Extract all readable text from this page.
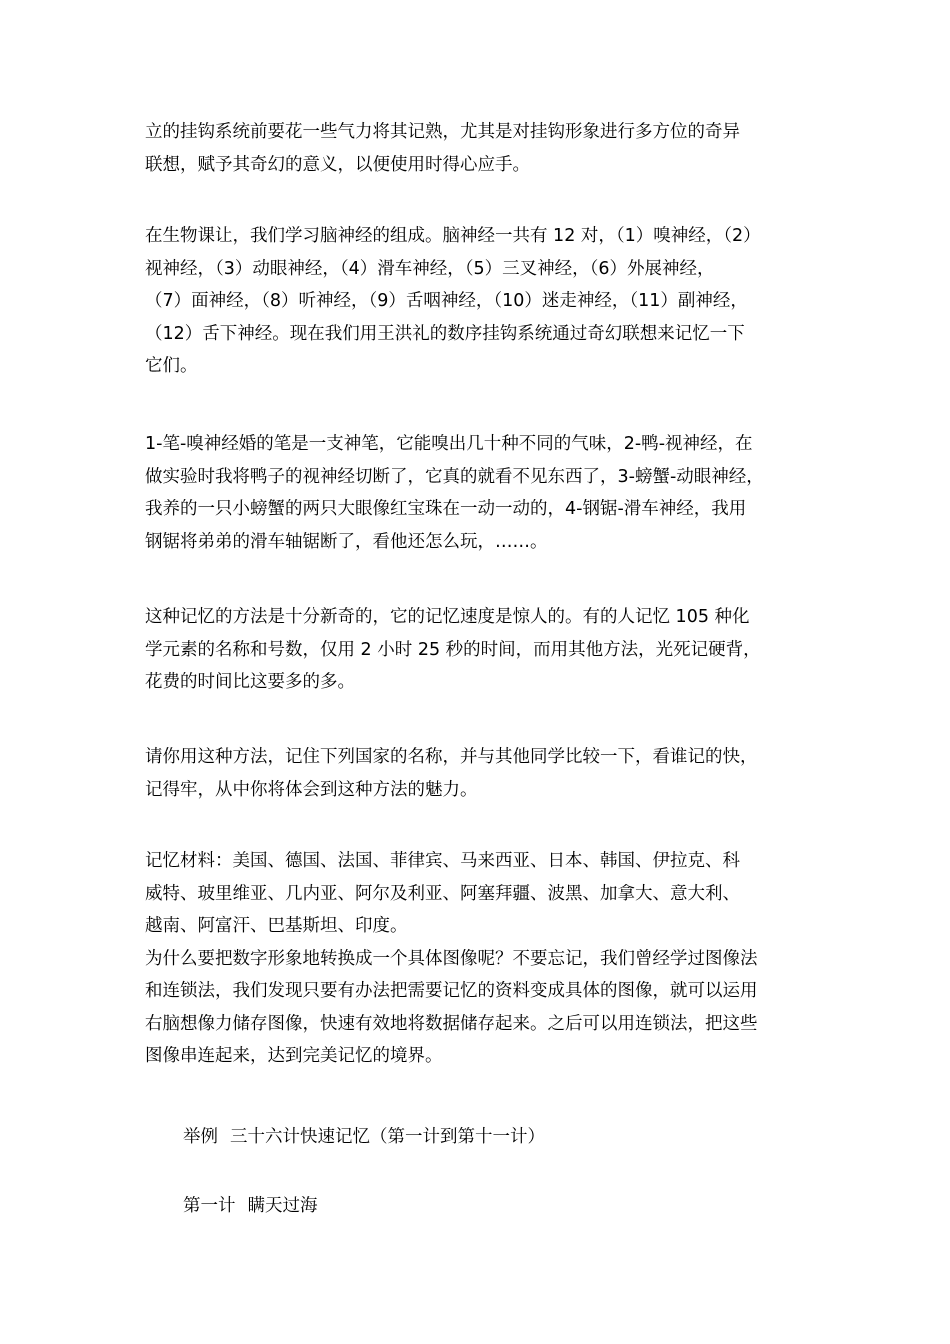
立的挂钩系统前要花一些气力将其记熟，尤其是对挂钩形象进行多方位的奇异
联想，赋予其奇幻的意义，以便使用时得心应手。

在生物课让，我们学习脑神经的组成。脑神经一共有 12 对，（1）嗅神经，（2）
视神经，（3）动眼神经，（4）滑车神经，（5）三叉神经，（6）外展神经，
（7）面神经，（8）听神经，（9）舌咽神经，（10）迷走神经，（11）副神经，
（12）舌下神经。现在我们用王洪礼的数序挂钩系统通过奇幻联想来记忆一下
它们。

1-笔-嗅神经婚的笔是一支神笔，它能嗅出几十种不同的气味，2-鸭-视神经，在
做实验时我将鸭子的视神经切断了，它真的就看不见东西了，3-螃蟹-动眼神经，
我养的一只小螃蟹的两只大眼像红宝珠在一动一动的，4-钢锯-滑车神经，我用
钢锯将弟弟的滑车轴锯断了，看他还怎么玩，……。

这种记忆的方法是十分新奇的，它的记忆速度是惊人的。有的人记忆 105 种化
学元素的名称和号数，仅用 2 小时 25 秒的时间，而用其他方法，光死记硬背，
花费的时间比这要多的多。

请你用这种方法，记住下列国家的名称，并与其他同学比较一下，看谁记的快，
记得牢，从中你将体会到这种方法的魅力。

记忆材料：美国、德国、法国、菲律宾、马来西亚、日本、韩国、伊拉克、科
威特、玻里维亚、几内亚、阿尔及利亚、阿塞拜疆、波黑、加拿大、意大利、
越南、阿富汗、巴基斯坦、印度。
为什么要把数字形象地转换成一个具体图像呢？不要忘记，我们曾经学过图像法
和连锁法，我们发现只要有办法把需要记忆的资料变成具体的图像，就可以运用
右脑想像力储存图像，快速有效地将数据储存起来。之后可以用连锁法，把这些
图像串连起来，达到完美记忆的境界。

举例 三十六计快速记忆（第一计到第十一计）
第一计 瞒天过海
